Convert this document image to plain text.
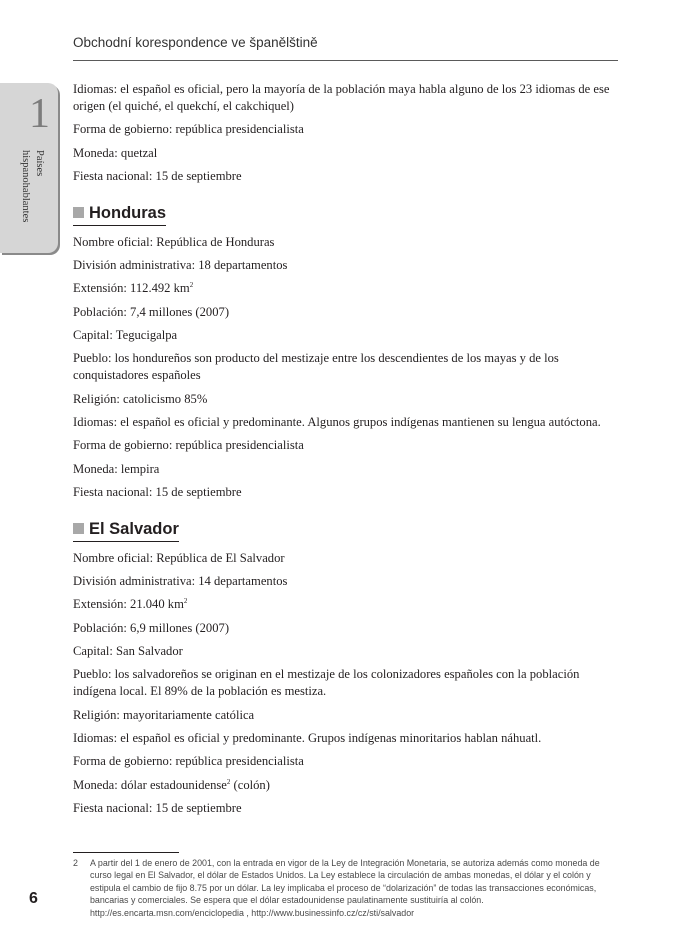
Obchodní korespondence ve španělštině
1
Países hispanohablantes

Idiomas: el español es oficial, pero la mayoría de la población maya habla alguno de los 23 idiomas de ese origen (el quiché, el quekchí, el cakchiquel)

Forma de gobierno: república presidencialista

Moneda: quetzal

Fiesta nacional: 15 de septiembre

Honduras

Nombre oficial: República de Honduras

División administrativa: 18 departamentos

Extensión: 112.492 $km^2$

Población: 7,4 millones (2007)

Capital: Tegucigalpa

Pueblo: los hondureños son producto del mestizaje entre los descendientes de los mayas y de los conquistadores españoles

Religión: catolicismo 85%

Idiomas: el español es oficial y predominante. Algunos grupos indígenas mantienen su lengua autóctona.

Forma de gobierno: república presidencialista

Moneda: lempira

Fiesta nacional: 15 de septiembre

El Salvador

Nombre oficial: República de El Salvador

División administrativa: 14 departamentos

Extensión: 21.040 $km^2$

Población: 6,9 millones (2007)

Capital: San Salvador

Pueblo: los salvadoreños se originan en el mestizaje de los colonizadores españoles con la población indígena local. El 89% de la población es mestiza.

Religión: mayoritariamente católica

Idiomas: el español es oficial y predominante. Grupos indígenas minoritarios hablan náhuatl.

Forma de gobierno: república presidencialista

Moneda: dólar estadounidense$^2$ (colón)

Fiesta nacional: 15 de septiembre

2 A partir del 1 de enero de 2001, con la entrada en vigor de la Ley de Integración Monetaria, se autoriza además como moneda de curso legal en El Salvador, el dólar de Estados Unidos. La Ley establece la circulación de ambas monedas, el dólar y el colón y estipula el cambio de fijo 8.75 por un dólar. La ley implicaba el proceso de “dolarización” de todas las transacciones económicas, bancarias y comerciales. Se espera que el dólar estadounidense paulatinamente sustituiría al colón.
http://es.encarta.msn.com/enciclopedia , http://www.businessinfo.cz/cz/sti/salvador
6
